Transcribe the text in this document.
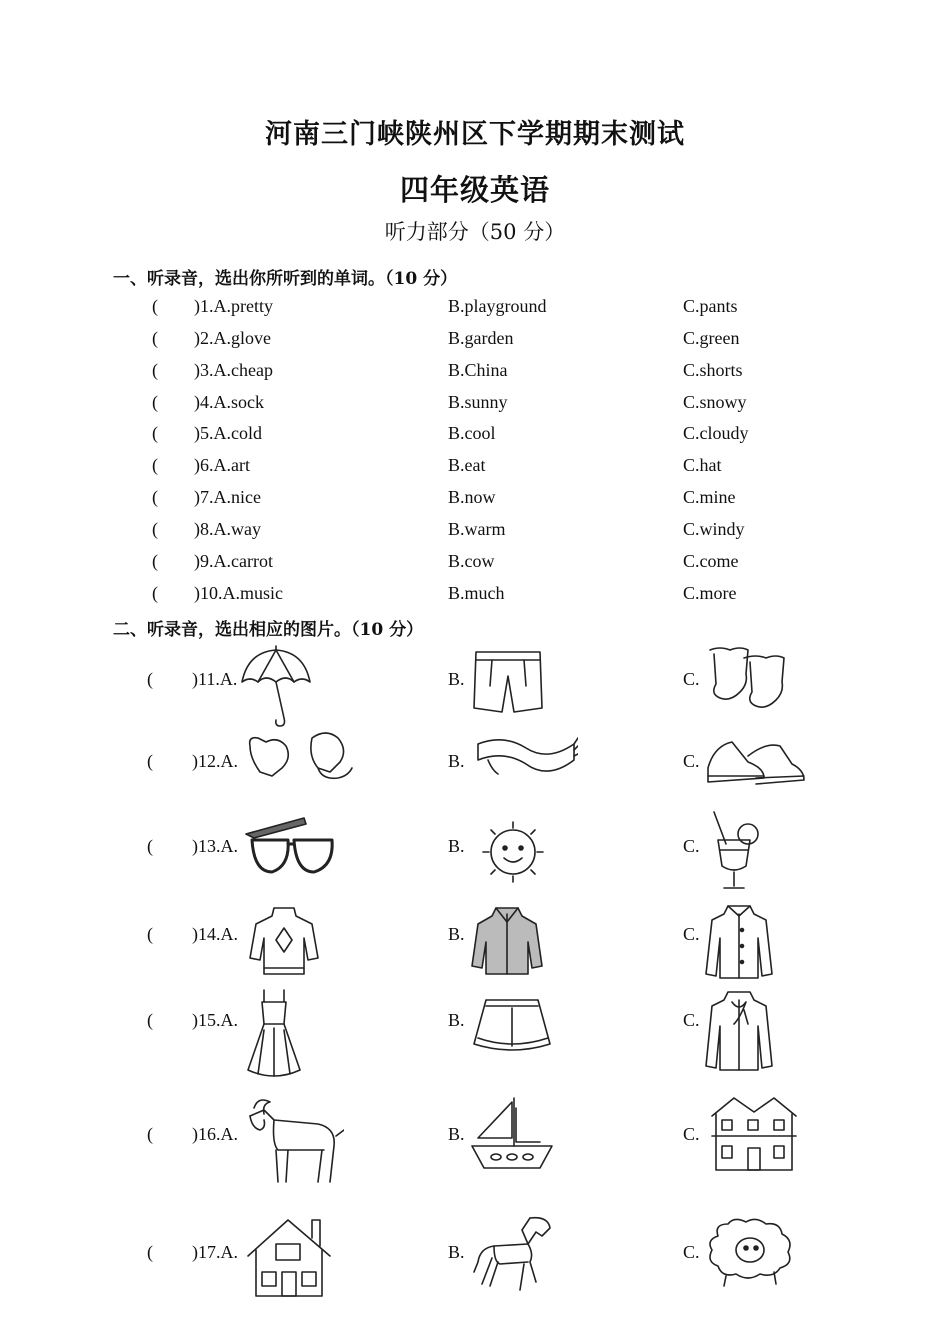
河南三门峡陕州区下学期期末测试
四年级英语
听力部分（50 分）
一、听录音，选出你所听到的单词。（10 分）
( )1.A.pretty	B.playground	C.pants
( )2.A.glove	B.garden	C.green
( )3.A.cheap	B.China	C.shorts
( )4.A.sock	B.sunny	C.snowy
( )5.A.cold	B.cool	C.cloudy
( )6.A.art	B.eat	C.hat
( )7.A.nice	B.now	C.mine
( )8.A.way	B.warm	C.windy
( )9.A.carrot	B.cow	C.come
( )10.A.music	B.much	C.more
二、听录音，选出相应的图片。（10 分）
( )11.A.	B.	C.
( )12.A.	B.	C.
( )13.A.	B.	C.
( )14.A.	B.	C.
( )15.A.	B.	C.
( )16.A.	B.	C.
( )17.A.	B.	C.
